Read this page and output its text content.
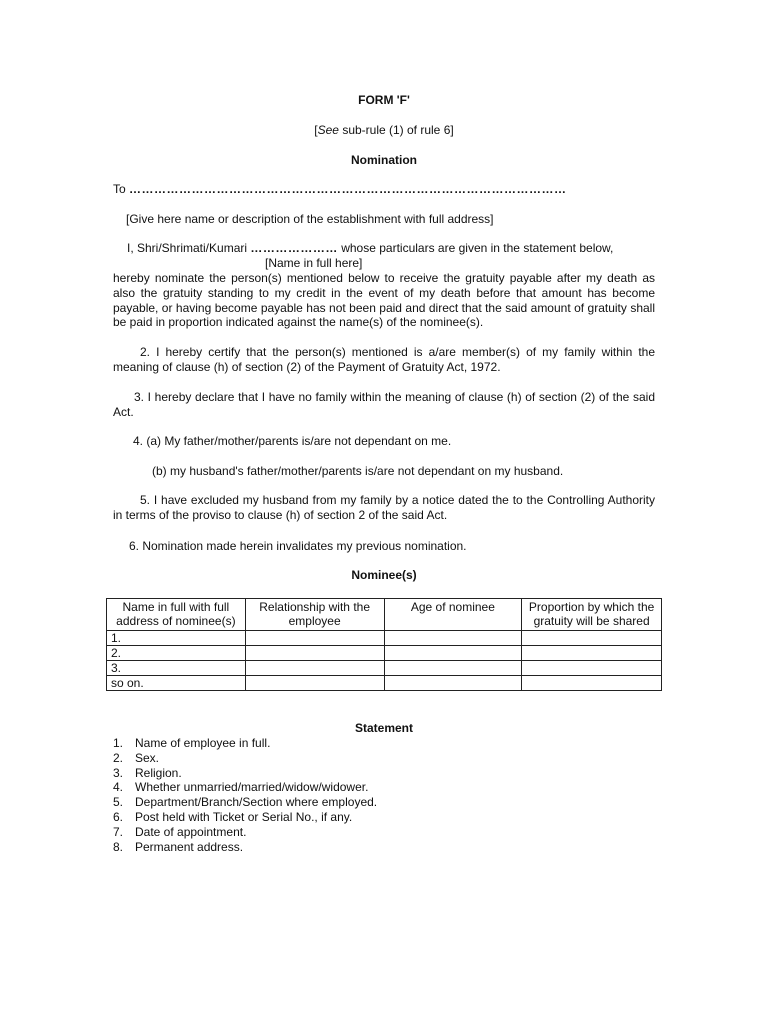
FORM 'F'
[See sub-rule (1) of rule 6]
Nomination
To ……………………………………………………………………………………………
[Give here name or description of the establishment with full address]
I, Shri/Shrimati/Kumari ………………… whose particulars are given in the statement below,
[Name in full here]
hereby nominate the person(s) mentioned below to receive the gratuity payable after my death as also the gratuity standing to my credit in the event of my death before that amount has become payable, or having become payable has not been paid and direct that the said amount of gratuity shall be paid in proportion indicated against the name(s) of the nominee(s).
2. I hereby certify that the person(s) mentioned is a/are member(s) of my family within the meaning of clause (h) of section (2) of the Payment of Gratuity Act, 1972.
3. I hereby declare that I have no family within the meaning of clause (h) of section (2) of the said Act.
4. (a) My father/mother/parents is/are not dependant on me.
(b) my husband's father/mother/parents is/are not dependant on my husband.
5. I have excluded my husband from my family by a notice dated the to the Controlling Authority in terms of the proviso to clause (h) of section 2 of the said Act.
6. Nomination made herein invalidates my previous nomination.
Nominee(s)
Name in full with full address of nominee(s)	Relationship with the employee	Age of nominee	Proportion by which the gratuity will be shared
1.			
2.			
3.			
so on.			
Statement
1. Name of employee in full.
2. Sex.
3. Religion.
4. Whether unmarried/married/widow/widower.
5. Department/Branch/Section where employed.
6. Post held with Ticket or Serial No., if any.
7. Date of appointment.
8. Permanent address.
